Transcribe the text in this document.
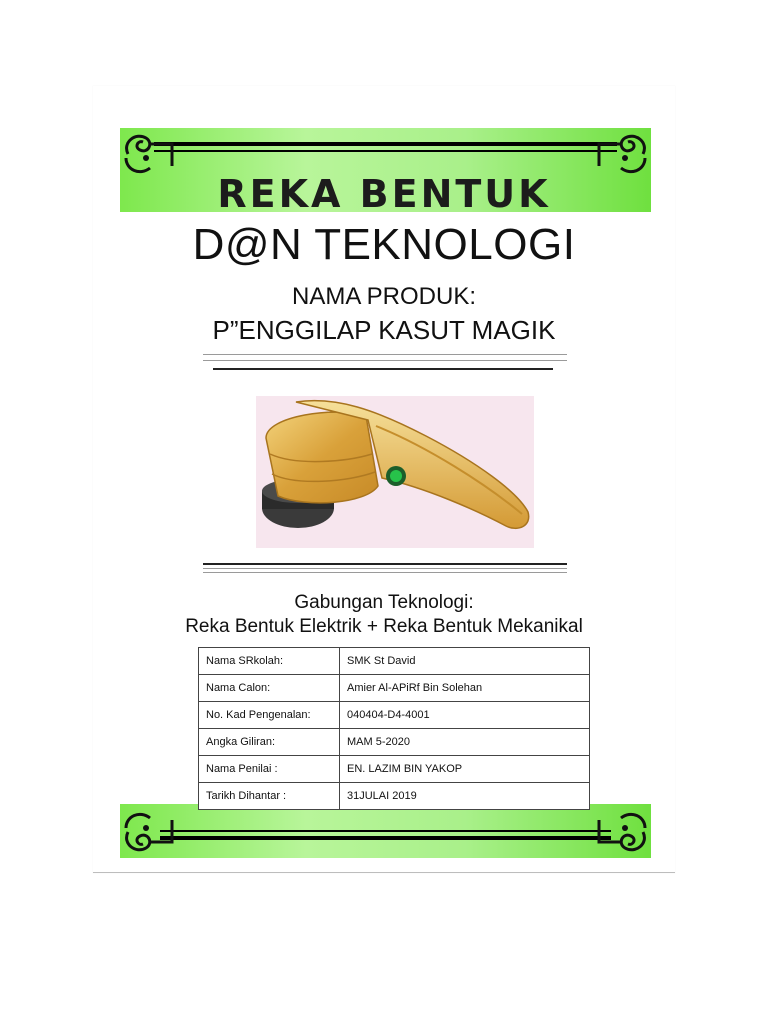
REKA BENTUK
D@N TEKNOLOGI
NAMA PRODUK:
P”ENGGILAP KASUT MAGIK
Gabungan Teknologi:
Reka Bentuk Elektrik + Reka Bentuk Mekanikal
Nama SRkolah:	SMK St David
Nama Calon:	Amier Al-APiRf Bin Solehan
No. Kad Pengenalan:	040404-D4-4001
Angka Giliran:	MAM 5-2020
Nama Penilai :	EN. LAZIM BIN YAKOP
Tarikh Dihantar :	31JULAI 2019
